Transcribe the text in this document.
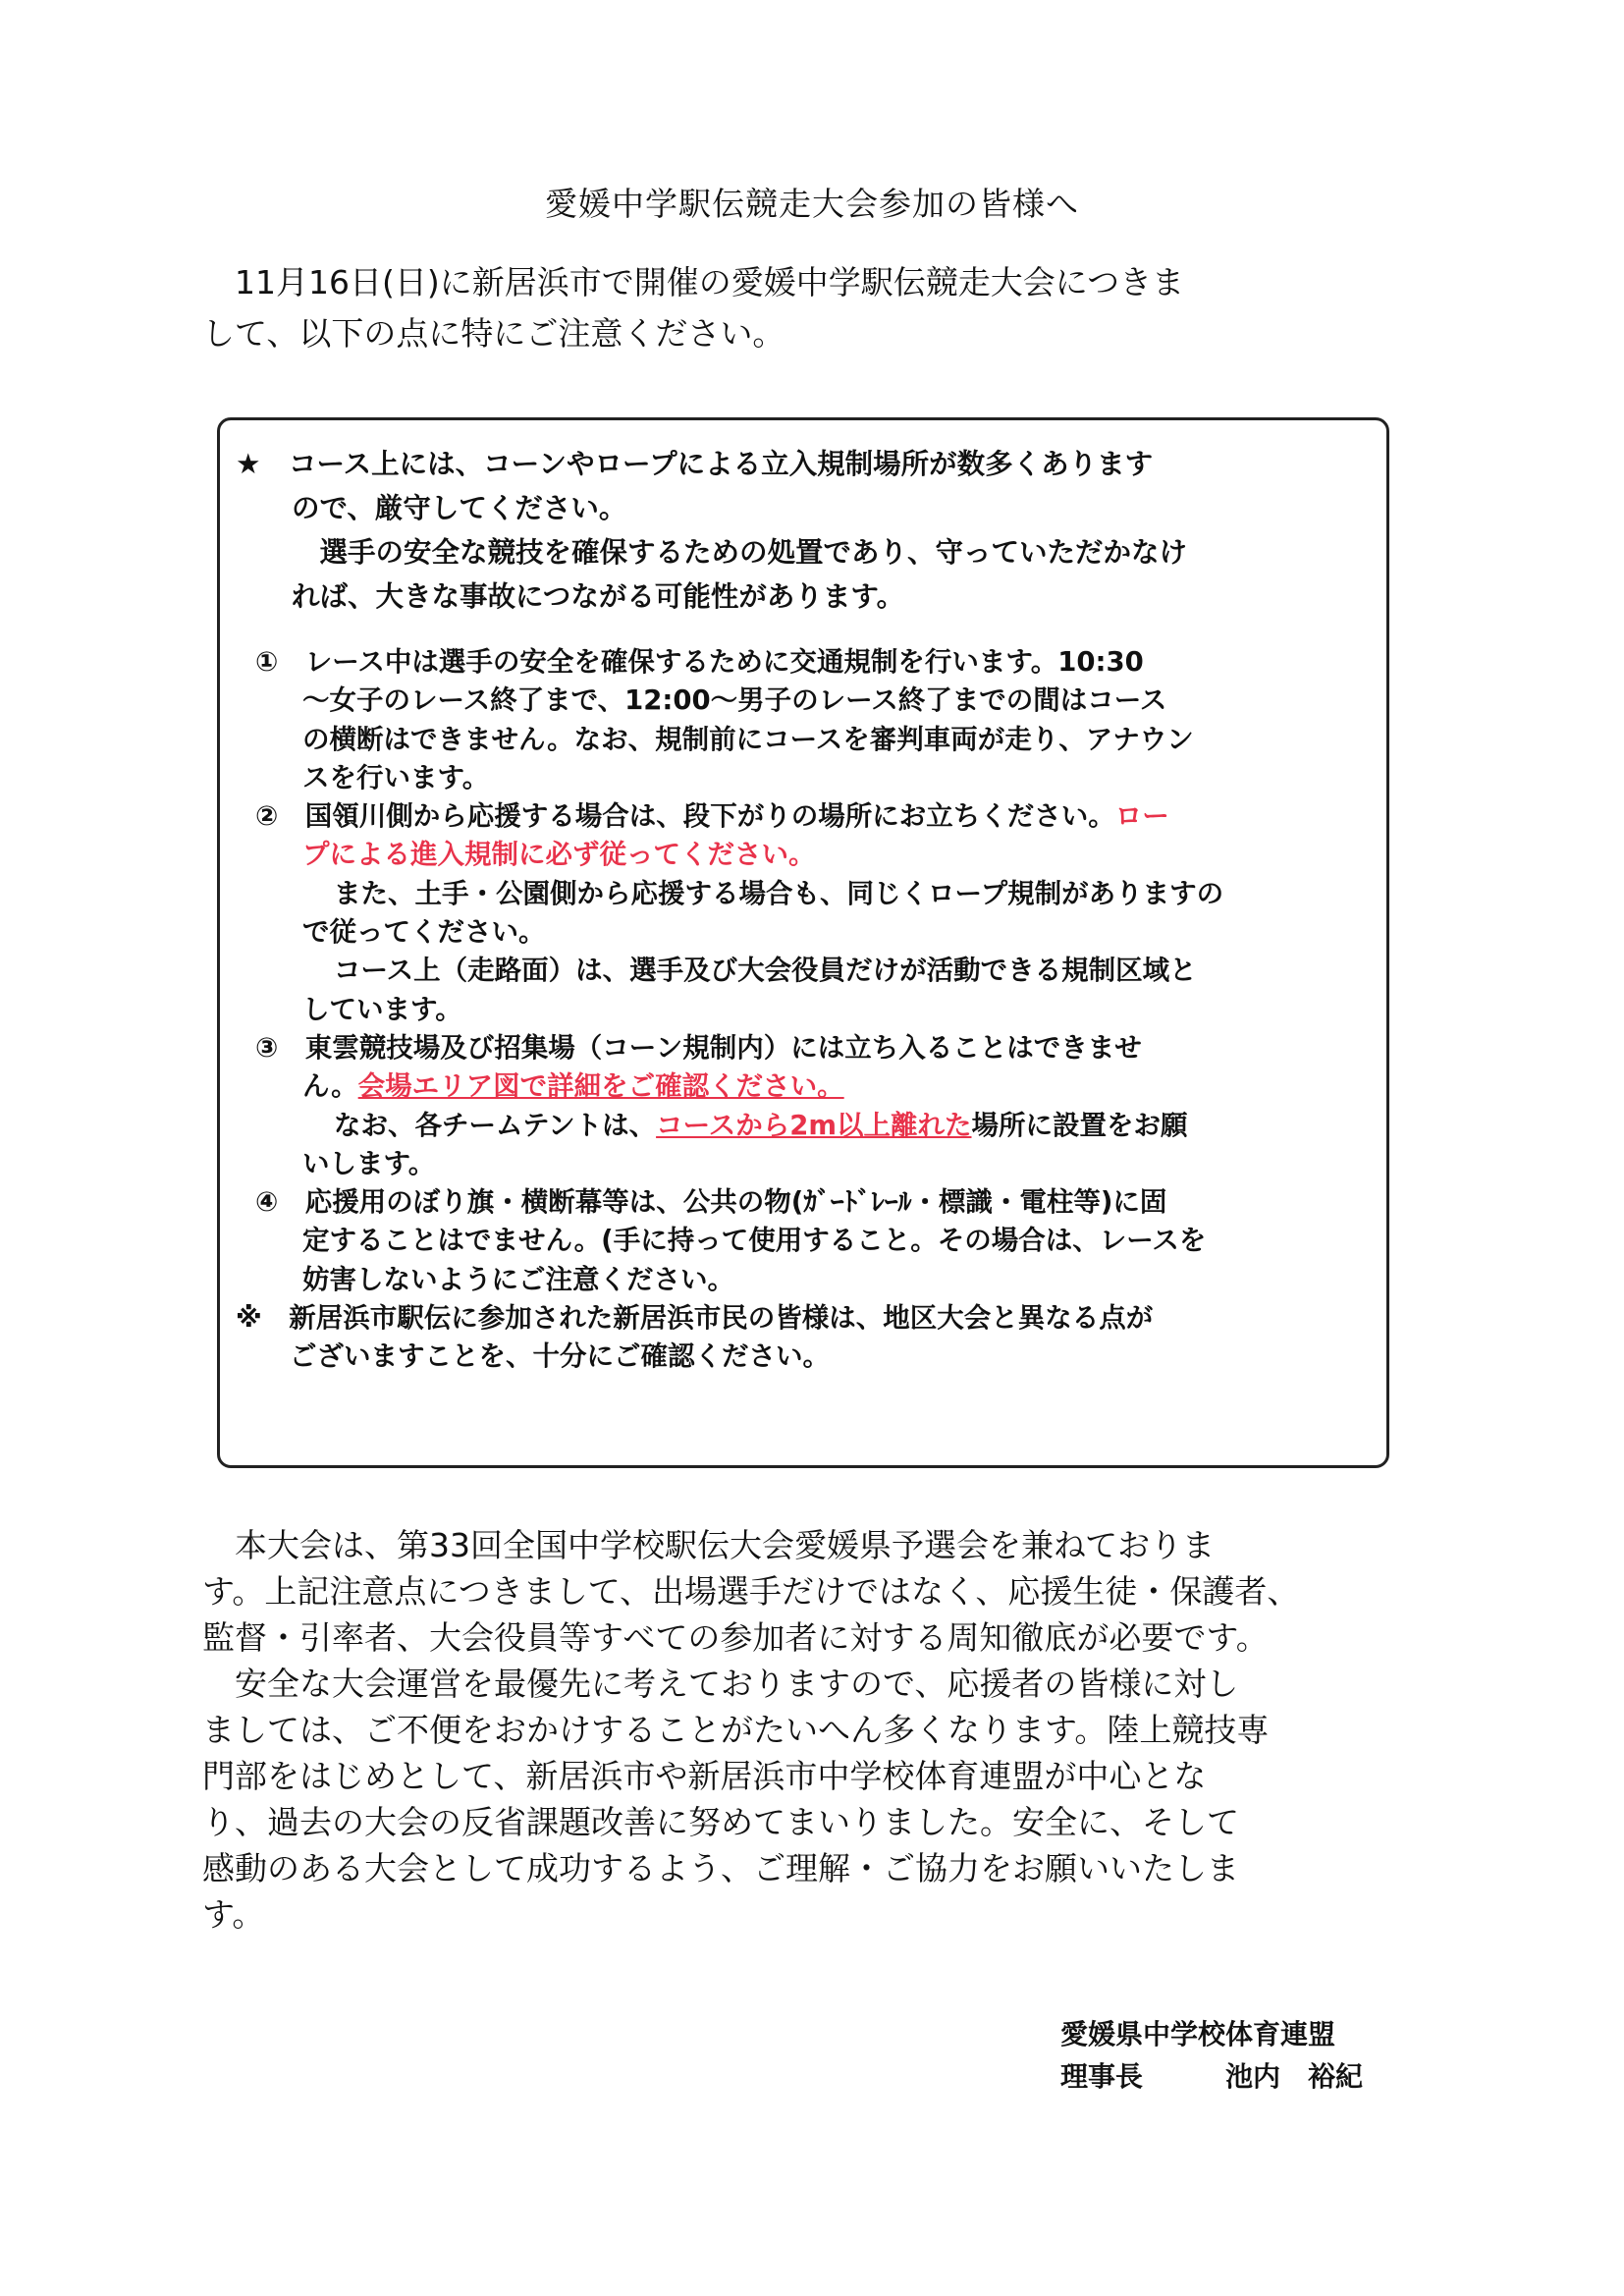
愛媛中学駅伝競走大会参加の皆様へ
　11月16日(日)に新居浜市で開催の愛媛中学駅伝競走大会につきま
して、以下の点に特にご注意ください。
★　コース上には、コーンやロープによる立入規制場所が数多くあります
　　ので、厳守してください。
　　　選手の安全な競技を確保するための処置であり、守っていただかなけ
　　れば、大きな事故につながる可能性があります。
①　レース中は選手の安全を確保するために交通規制を行います。10:30
〜女子のレース終了まで、12:00〜男子のレース終了までの間はコース
の横断はできません。なお、規制前にコースを審判車両が走り、アナウン
スを行います。
②　国領川側から応援する場合は、段下がりの場所にお立ちください。ロー
プによる進入規制に必ず従ってください。
また、土手・公園側から応援する場合も、同じくロープ規制がありますの
で従ってください。
コース上（走路面）は、選手及び大会役員だけが活動できる規制区域と
しています。
③　東雲競技場及び招集場（コーン規制内）には立ち入ることはできませ
ん。会場エリア図で詳細をご確認ください。
なお、各チームテントは、コースから2m以上離れた場所に設置をお願
いします。
④　応援用のぼり旗・横断幕等は、公共の物(ｶﾞｰﾄﾞﾚｰﾙ・標識・電柱等)に固
定することはでません。(手に持って使用すること。その場合は、レースを
妨害しないようにご注意ください。
※　新居浜市駅伝に参加された新居浜市民の皆様は、地区大会と異なる点が
　　ございますことを、十分にご確認ください。
　本大会は、第33回全国中学校駅伝大会愛媛県予選会を兼ねておりま
す。上記注意点につきまして、出場選手だけではなく、応援生徒・保護者、
監督・引率者、大会役員等すべての参加者に対する周知徹底が必要です。
　安全な大会運営を最優先に考えておりますので、応援者の皆様に対し
ましては、ご不便をおかけすることがたいへん多くなります。陸上競技専
門部をはじめとして、新居浜市や新居浜市中学校体育連盟が中心とな
り、過去の大会の反省課題改善に努めてまいりました。安全に、そして
感動のある大会として成功するよう、ご理解・ご協力をお願いいたしま
す。
愛媛県中学校体育連盟
理事長　　　池内　裕紀
